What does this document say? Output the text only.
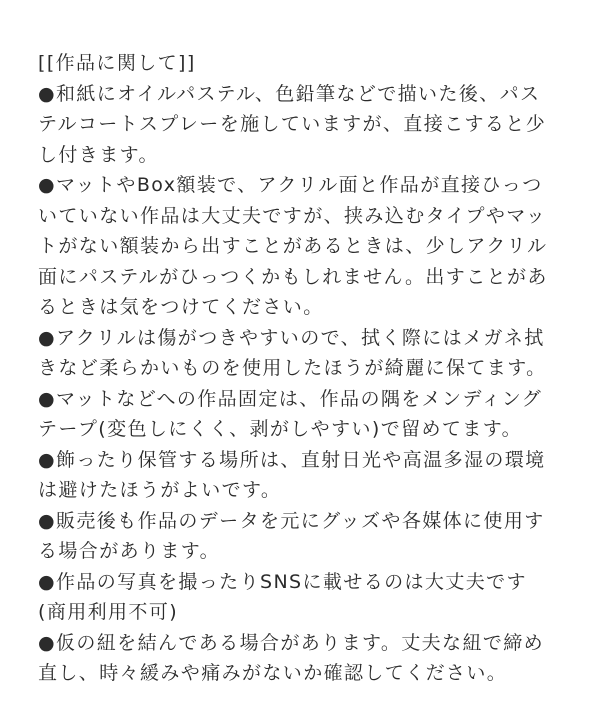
[[作品に関して]]
●和紙にオイルパステル、色鉛筆などで描いた後、パス
テルコートスプレーを施していますが、直接こすると少
し付きます。
●マットやBox額装で、アクリル面と作品が直接ひっつ
いていない作品は大丈夫ですが、挟み込むタイプやマッ
トがない額装から出すことがあるときは、少しアクリル
面にパステルがひっつくかもしれません。出すことがあ
るときは気をつけてください。
●アクリルは傷がつきやすいので、拭く際にはメガネ拭
きなど柔らかいものを使用したほうが綺麗に保てます。
●マットなどへの作品固定は、作品の隅をメンディング
テープ(変色しにくく、剥がしやすい)で留めてます。
●飾ったり保管する場所は、直射日光や高温多湿の環境
は避けたほうがよいです。
●販売後も作品のデータを元にグッズや各媒体に使用す
る場合があります。
●作品の写真を撮ったりSNSに載せるのは大丈夫です
(商用利用不可)
●仮の紐を結んである場合があります。丈夫な紐で締め
直し、時々緩みや痛みがないか確認してください。
